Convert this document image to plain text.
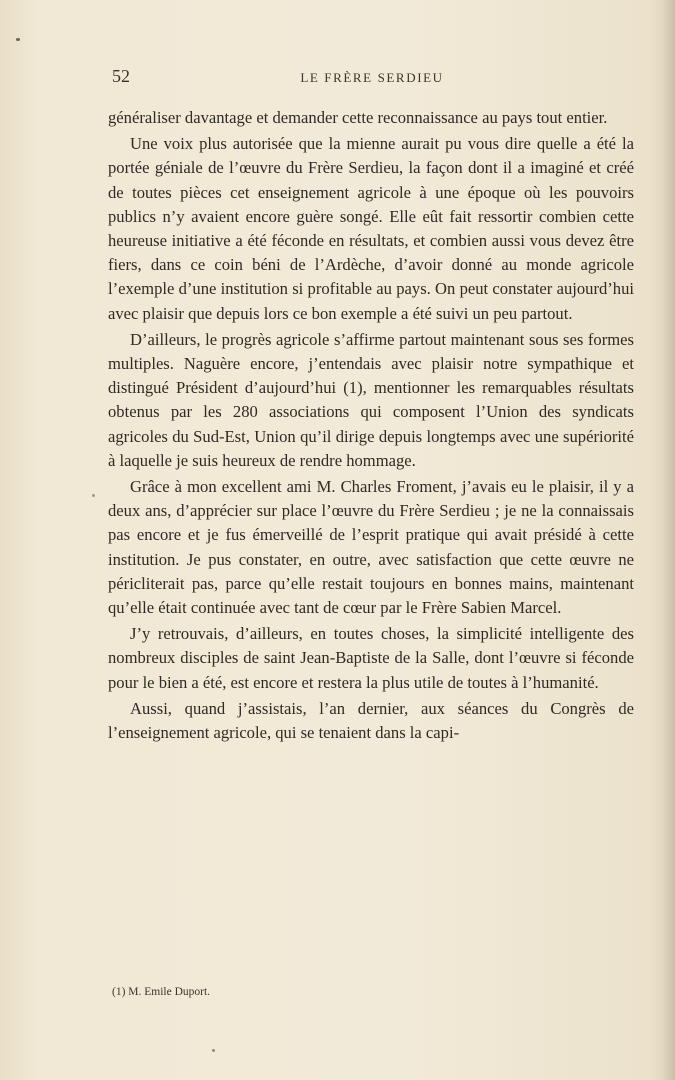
52	LE FRÈRE SERDIEU

généraliser davantage et demander cette reconnaissance au pays tout entier.

Une voix plus autorisée que la mienne aurait pu vous dire quelle a été la portée géniale de l’œuvre du Frère Serdieu, la façon dont il a imaginé et créé de toutes pièces cet enseignement agricole à une époque où les pouvoirs publics n’y avaient encore guère songé. Elle eût fait ressortir combien cette heureuse initiative a été féconde en résultats, et combien aussi vous devez être fiers, dans ce coin béni de l’Ardèche, d’avoir donné au monde agricole l’exemple d’une institution si profitable au pays. On peut constater aujourd’hui avec plaisir que depuis lors ce bon exemple a été suivi un peu partout.

D’ailleurs, le progrès agricole s’affirme partout maintenant sous ses formes multiples. Naguère encore, j’entendais avec plaisir notre sympathique et distingué Président d’aujourd’hui (1), mentionner les remarquables résultats obtenus par les 280 associations qui composent l’Union des syndicats agricoles du Sud-Est, Union qu’il dirige depuis longtemps avec une supériorité à laquelle je suis heureux de rendre hommage.

Grâce à mon excellent ami M. Charles Froment, j’avais eu le plaisir, il y a deux ans, d’apprécier sur place l’œuvre du Frère Serdieu ; je ne la connaissais pas encore et je fus émerveillé de l’esprit pratique qui avait présidé à cette institution. Je pus constater, en outre, avec satisfaction que cette œuvre ne péricliterait pas, parce qu’elle restait toujours en bonnes mains, maintenant qu’elle était continuée avec tant de cœur par le Frère Sabien Marcel.

J’y retrouvais, d’ailleurs, en toutes choses, la simplicité intelligente des nombreux disciples de saint Jean-Baptiste de la Salle, dont l’œuvre si féconde pour le bien a été, est encore et restera la plus utile de toutes à l’humanité.

Aussi, quand j’assistais, l’an dernier, aux séances du Congrès de l’enseignement agricole, qui se tenaient dans la capi-

(1) M. Emile Duport.
